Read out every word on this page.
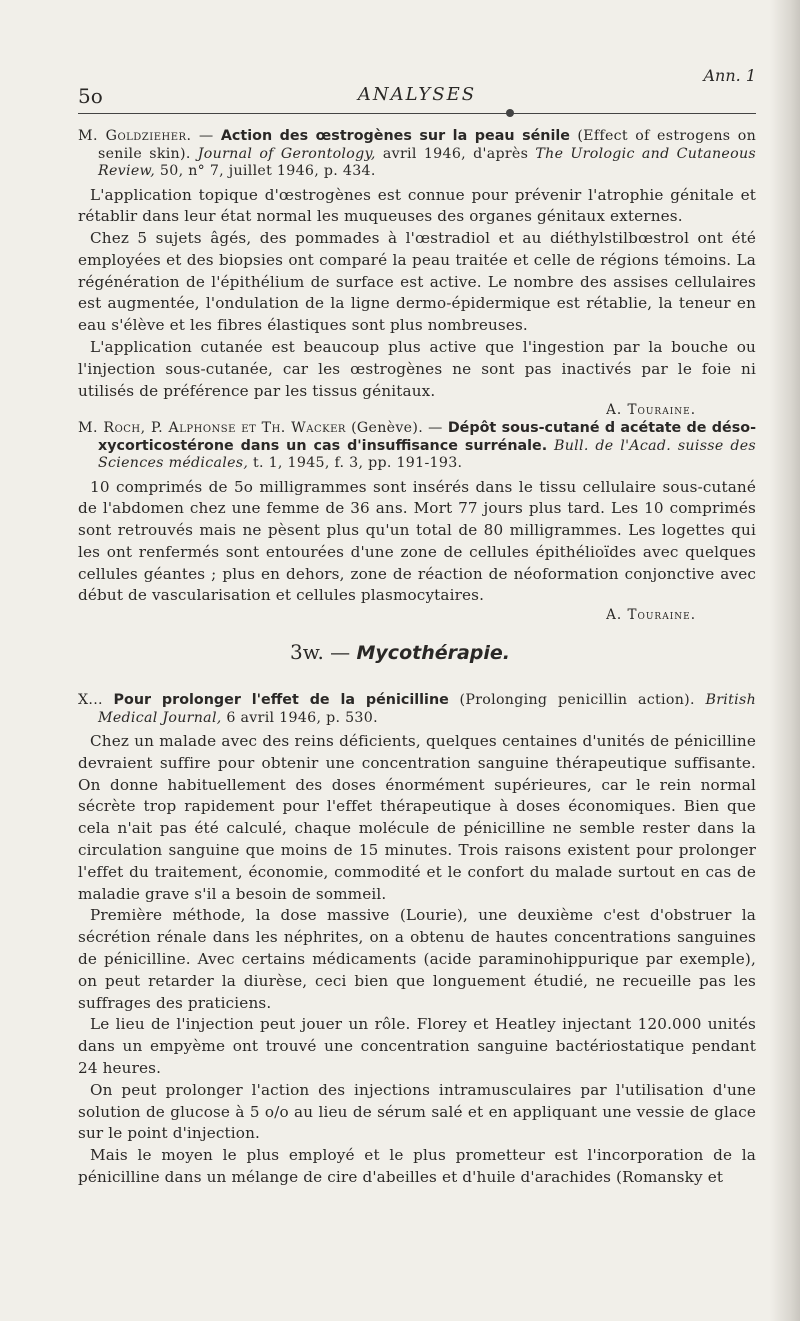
5o	ANALYSES
Ann. 1
M. Goldzieher. — Action des œstrogènes sur la peau sénile (Effect of estrogens on senile skin). Journal of Gerontology, avril 1946, d'après The Urologic and Cutaneous Review, 50, n° 7, juillet 1946, p. 434.

L'application topique d'œstrogènes est connue pour prévenir l'atrophie génitale et rétablir dans leur état normal les muqueuses des organes génitaux externes.

Chez 5 sujets âgés, des pommades à l'œstradiol et au diéthylstilbœstrol ont été employées et des biopsies ont comparé la peau traitée et celle de régions témoins. La régénération de l'épithélium de surface est active. Le nombre des assises cellulaires est augmentée, l'ondulation de la ligne dermo-épidermique est rétablie, la teneur en eau s'élève et les fibres élastiques sont plus nombreuses.

L'application cutanée est beaucoup plus active que l'ingestion par la bouche ou l'injection sous-cutanée, car les œstrogènes ne sont pas inactivés par le foie ni utilisés de préférence par les tissus génitaux.

A. Touraine.
M. Roch, P. Alphonse et Th. Wacker (Genève). — Dépôt sous-cutané d acétate de déso-xycorticostérone dans un cas d'insuffisance surrénale. Bull. de l'Acad. suisse des Sciences médicales, t. 1, 1945, f. 3, pp. 191-193.

10 comprimés de 5o milligrammes sont insérés dans le tissu cellulaire sous-cutané de l'abdomen chez une femme de 36 ans. Mort 77 jours plus tard. Les 10 comprimés sont retrouvés mais ne pèsent plus qu'un total de 80 milligrammes. Les logettes qui les ont renfermés sont entourées d'une zone de cellules épithélioïdes avec quelques cellules géantes ; plus en dehors, zone de réaction de néoformation conjonctive avec début de vascularisation et cellules plasmocytaires.

A. Touraine.
3w. — Mycothérapie.
X... Pour prolonger l'effet de la pénicilline (Prolonging penicillin action). British Medical Journal, 6 avril 1946, p. 530.

Chez un malade avec des reins déficients, quelques centaines d'unités de pénicilline devraient suffire pour obtenir une concentration sanguine thérapeutique suffisante. On donne habituellement des doses énormément supérieures, car le rein normal sécrète trop rapidement pour l'effet thérapeutique à doses économiques. Bien que cela n'ait pas été calculé, chaque molécule de pénicilline ne semble rester dans la circulation sanguine que moins de 15 minutes. Trois raisons existent pour prolonger l'effet du traitement, économie, commodité et le confort du malade surtout en cas de maladie grave s'il a besoin de sommeil.

Première méthode, la dose massive (Lourie), une deuxième c'est d'obstruer la sécrétion rénale dans les néphrites, on a obtenu de hautes concentrations sanguines de pénicilline. Avec certains médicaments (acide paraminohippurique par exemple), on peut retarder la diurèse, ceci bien que longuement étudié, ne recueille pas les suffrages des praticiens.

Le lieu de l'injection peut jouer un rôle. Florey et Heatley injectant 120.000 unités dans un empyème ont trouvé une concentration sanguine bactériostatique pendant 24 heures.

On peut prolonger l'action des injections intramusculaires par l'utilisation d'une solution de glucose à 5 o/o au lieu de sérum salé et en appliquant une vessie de glace sur le point d'injection.

Mais le moyen le plus employé et le plus prometteur est l'incorporation de la pénicilline dans un mélange de cire d'abeilles et d'huile d'arachides (Romansky et
